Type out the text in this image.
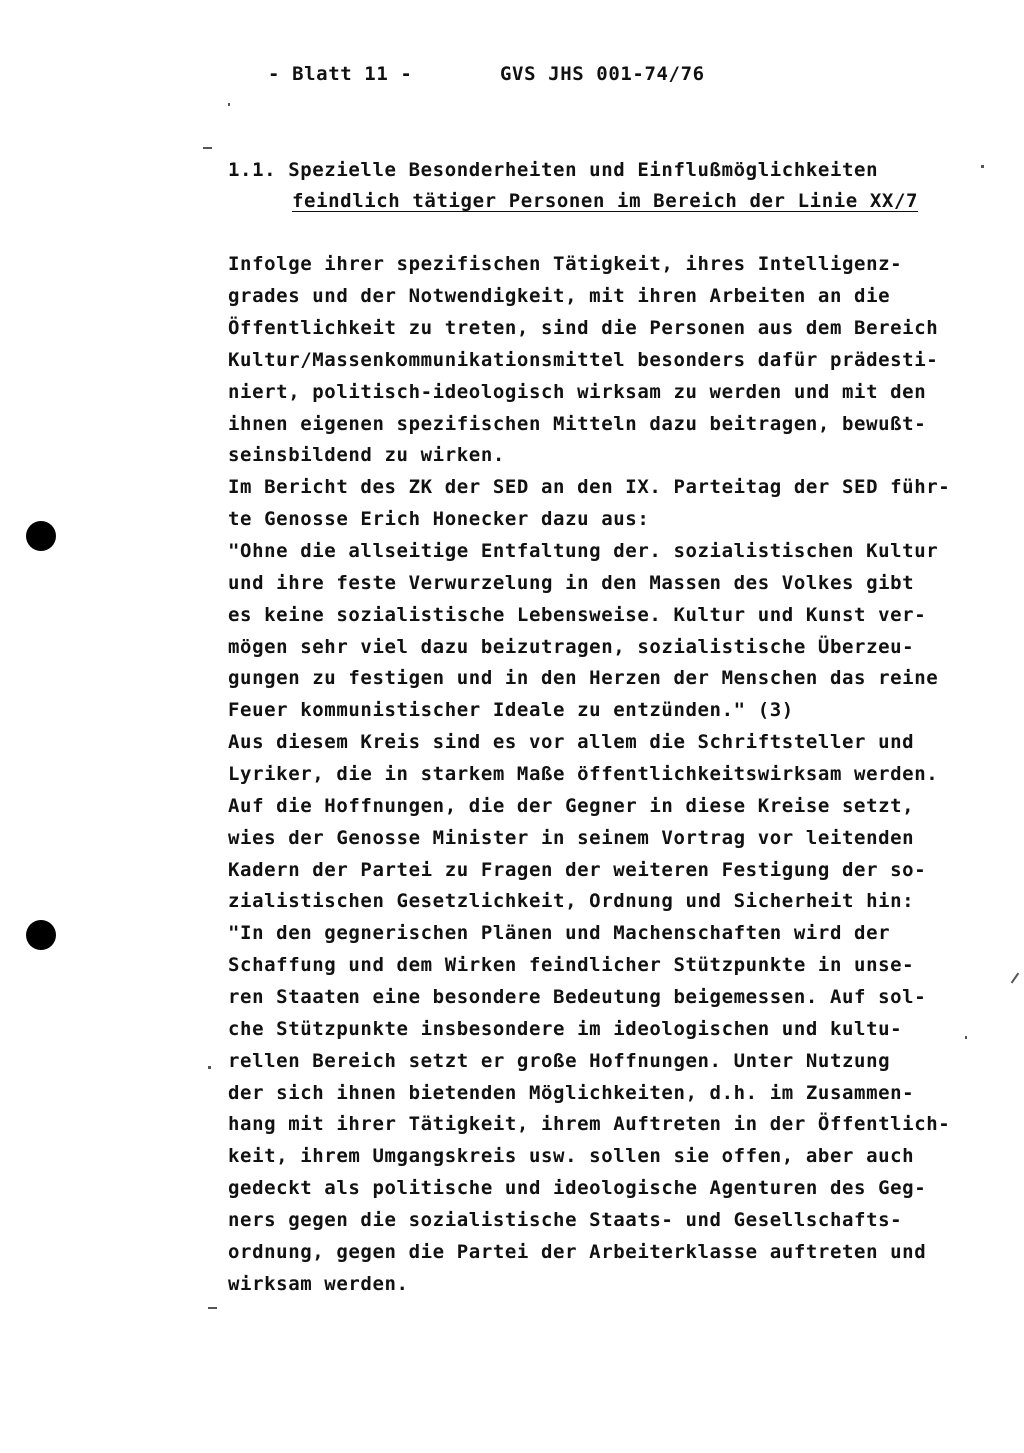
- Blatt 11 -	GVS JHS 001-74/76
1.1. Spezielle Besonderheiten und Einflußmöglichkeiten
feindlich tätiger Personen im Bereich der Linie XX/7
Infolge ihrer spezifischen Tätigkeit, ihres Intelligenz-
grades und der Notwendigkeit, mit ihren Arbeiten an die
Öffentlichkeit zu treten, sind die Personen aus dem Bereich
Kultur/Massenkommunikationsmittel besonders dafür prädesti-
niert, politisch-ideologisch wirksam zu werden und mit den
ihnen eigenen spezifischen Mitteln dazu beitragen, bewußt-
seinsbildend zu wirken.
Im Bericht des ZK der SED an den IX. Parteitag der SED führ-
te Genosse Erich Honecker dazu aus:
"Ohne die allseitige Entfaltung der. sozialistischen Kultur
und ihre feste Verwurzelung in den Massen des Volkes gibt
es keine sozialistische Lebensweise. Kultur und Kunst ver-
mögen sehr viel dazu beizutragen, sozialistische Überzeu-
gungen zu festigen und in den Herzen der Menschen das reine
Feuer kommunistischer Ideale zu entzünden." (3)
Aus diesem Kreis sind es vor allem die Schriftsteller und
Lyriker, die in starkem Maße öffentlichkeitswirksam werden.
Auf die Hoffnungen, die der Gegner in diese Kreise setzt,
wies der Genosse Minister in seinem Vortrag vor leitenden
Kadern der Partei zu Fragen der weiteren Festigung der so-
zialistischen Gesetzlichkeit, Ordnung und Sicherheit hin:
"In den gegnerischen Plänen und Machenschaften wird der
Schaffung und dem Wirken feindlicher Stützpunkte in unse-
ren Staaten eine besondere Bedeutung beigemessen. Auf sol-
che Stützpunkte insbesondere im ideologischen und kultu-
rellen Bereich setzt er große Hoffnungen. Unter Nutzung
der sich ihnen bietenden Möglichkeiten, d.h. im Zusammen-
hang mit ihrer Tätigkeit, ihrem Auftreten in der Öffentlich-
keit, ihrem Umgangskreis usw. sollen sie offen, aber auch
gedeckt als politische und ideologische Agenturen des Geg-
ners gegen die sozialistische Staats- und Gesellschafts-
ordnung, gegen die Partei der Arbeiterklasse auftreten und
wirksam werden.
